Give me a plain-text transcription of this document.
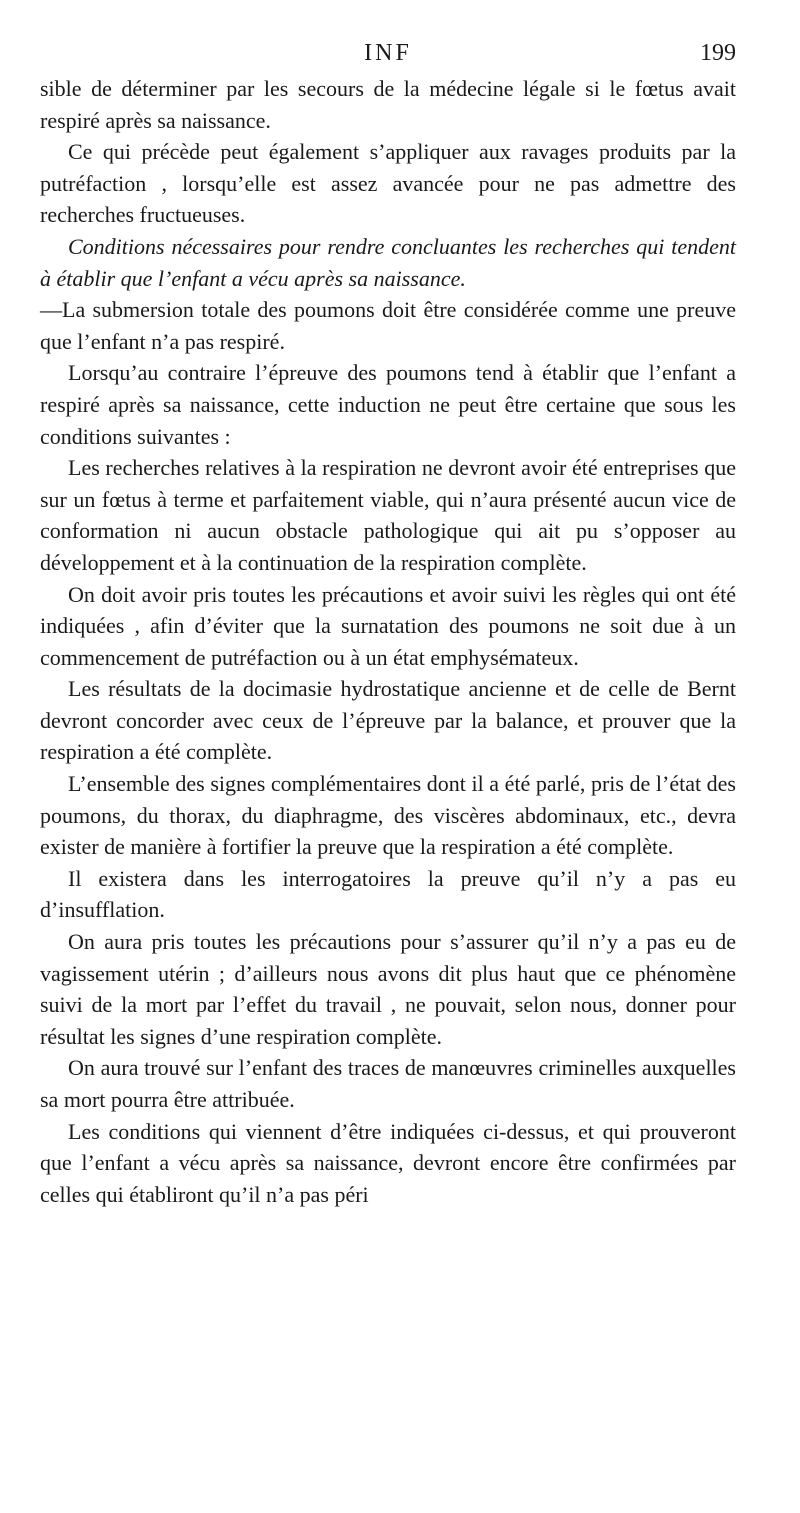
INF	199

sible de déterminer par les secours de la médecine légale si le fœtus avait respiré après sa naissance.

Ce qui précède peut également s’appliquer aux ravages produits par la putréfaction , lorsqu’elle est assez avancée pour ne pas admettre des recherches fructueuses.

Conditions nécessaires pour rendre concluantes les recherches qui tendent à établir que l’enfant a vécu après sa naissance.

—La submersion totale des poumons doit être considérée comme une preuve que l’enfant n’a pas respiré.

Lorsqu’au contraire l’épreuve des poumons tend à établir que l’enfant a respiré après sa naissance, cette induction ne peut être certaine que sous les conditions suivantes :

Les recherches relatives à la respiration ne devront avoir été entreprises que sur un fœtus à terme et parfaitement viable, qui n’aura présenté aucun vice de conformation ni aucun obstacle pathologique qui ait pu s’opposer au développement et à la continuation de la respiration complète.

On doit avoir pris toutes les précautions et avoir suivi les règles qui ont été indiquées , afin d’éviter que la surnatation des poumons ne soit due à un commencement de putréfaction ou à un état emphysémateux.

Les résultats de la docimasie hydrostatique ancienne et de celle de Bernt devront concorder avec ceux de l’épreuve par la balance, et prouver que la respiration a été complète.

L’ensemble des signes complémentaires dont il a été parlé, pris de l’état des poumons, du thorax, du diaphragme, des viscères abdominaux, etc., devra exister de manière à fortifier la preuve que la respiration a été complète.

Il existera dans les interrogatoires la preuve qu’il n’y a pas eu d’insufflation.

On aura pris toutes les précautions pour s’assurer qu’il n’y a pas eu de vagissement utérin ; d’ailleurs nous avons dit plus haut que ce phénomène suivi de la mort par l’effet du travail , ne pouvait, selon nous, donner pour résultat les signes d’une respiration complète.

On aura trouvé sur l’enfant des traces de manœuvres criminelles auxquelles sa mort pourra être attribuée.

Les conditions qui viennent d’être indiquées ci-dessus, et qui prouveront que l’enfant a vécu après sa naissance, devront encore être confirmées par celles qui établiront qu’il n’a pas péri
